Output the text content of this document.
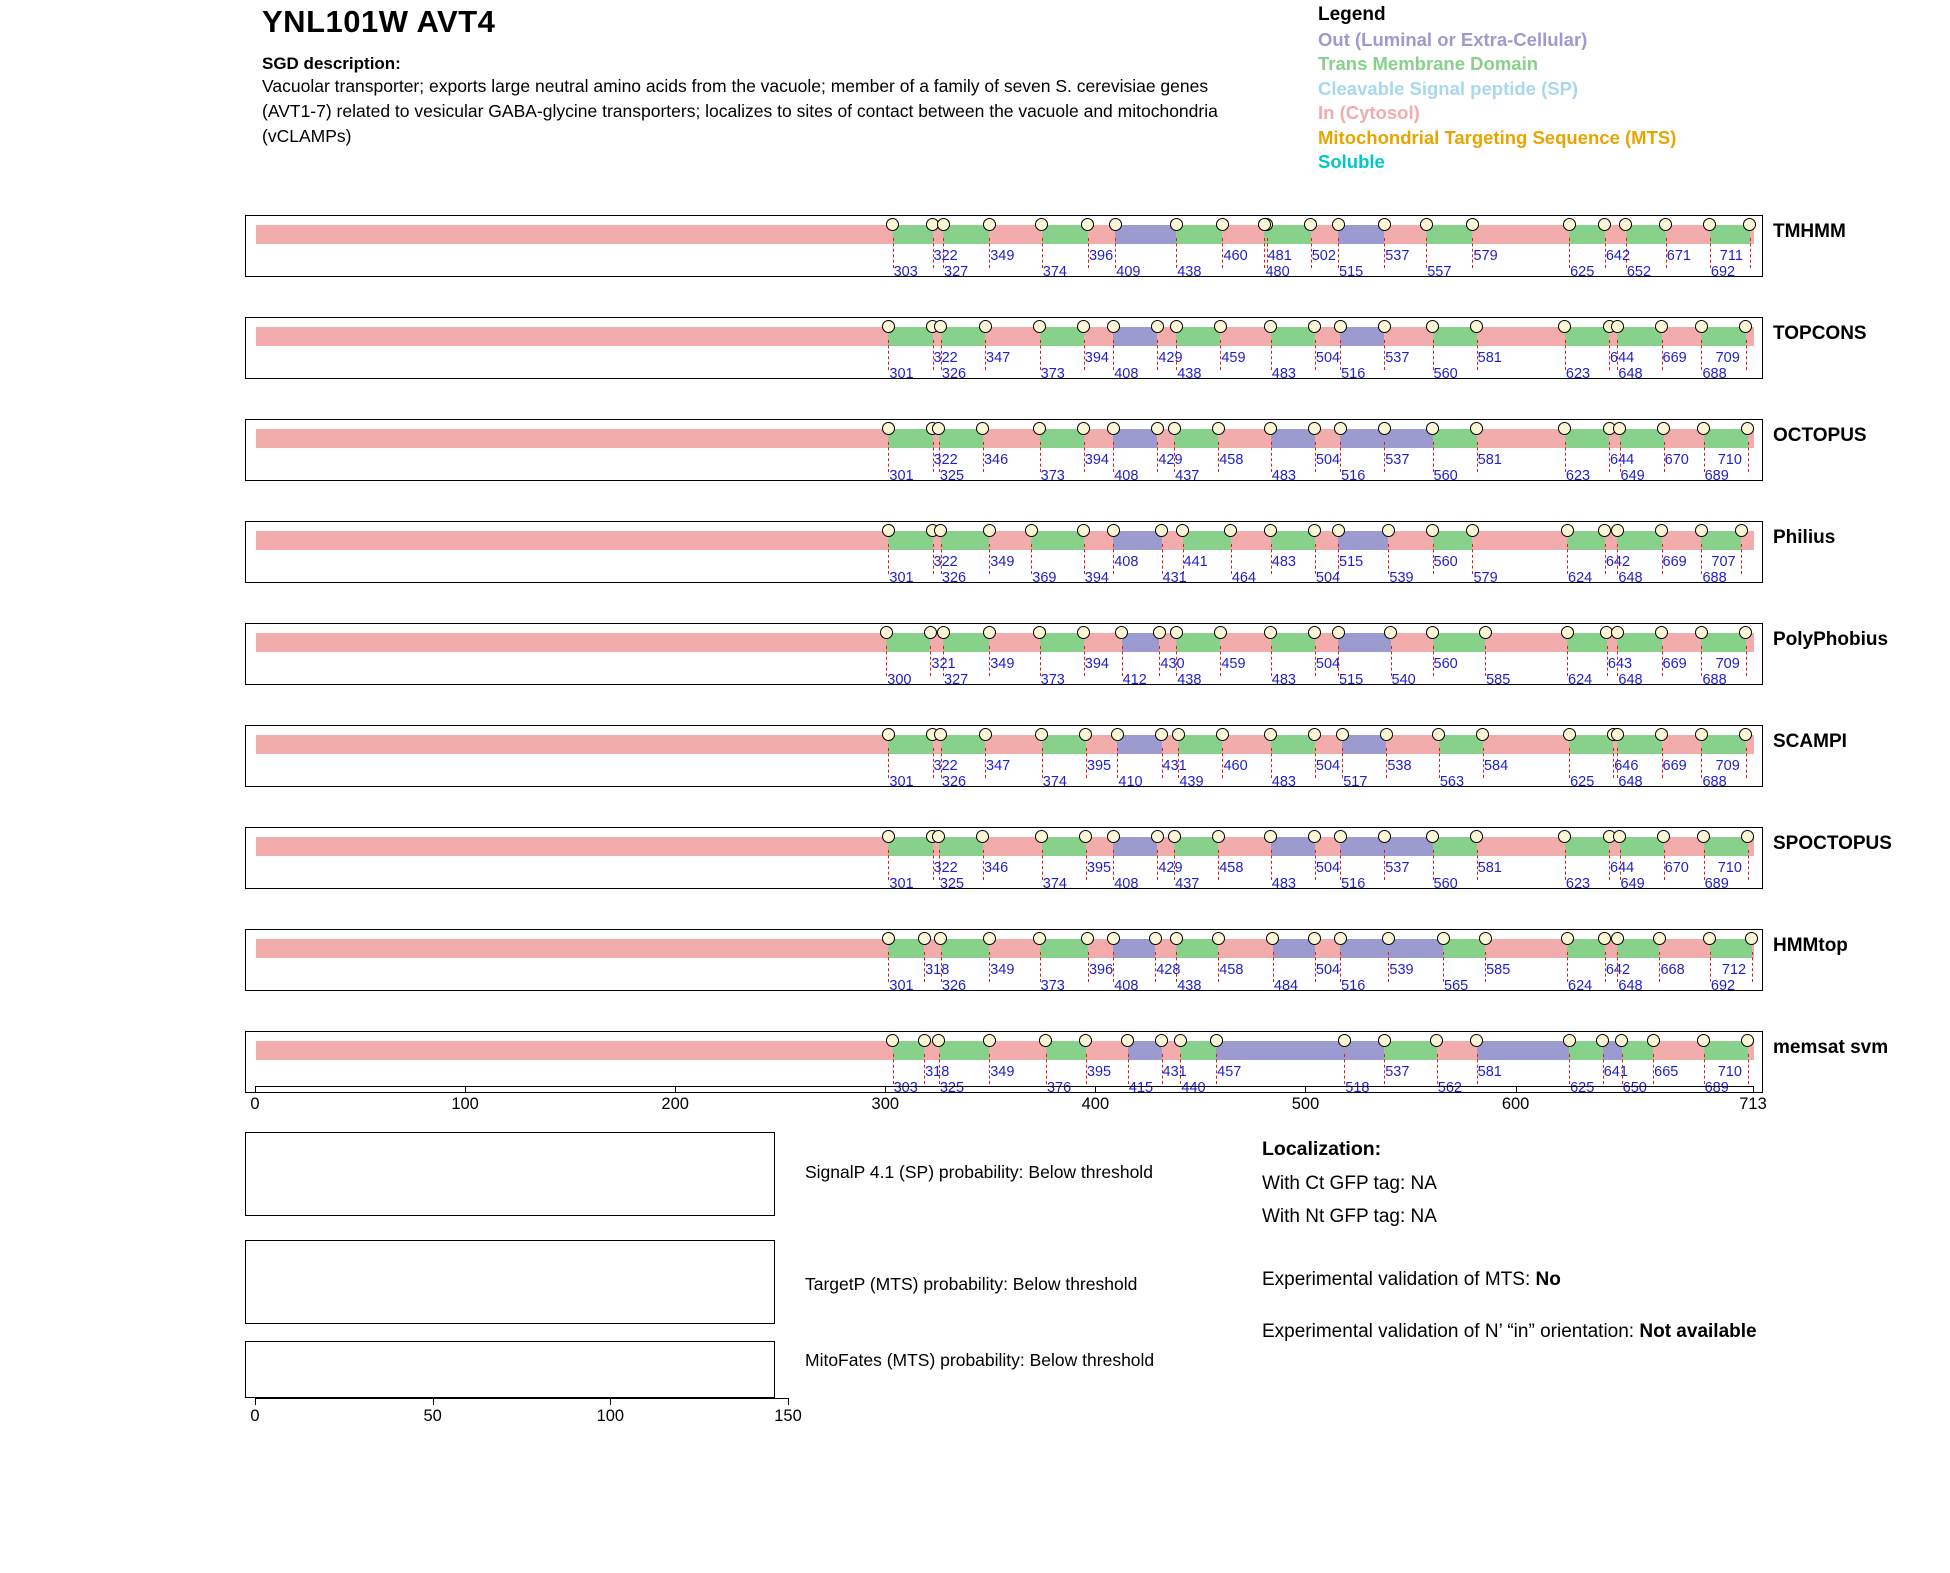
YNL101W AVT4
SGD description:
Vacuolar transporter; exports large neutral amino acids from the vacuole; member of a family of seven S. cerevisiae genes (AVT1-7) related to vesicular GABA-glycine transporters; localizes to sites of contact between the vacuole and mitochondria (vCLAMPs)
Legend
Out (Luminal or Extra-Cellular)
Trans Membrane Domain
Cleavable Signal peptide (SP)
In (Cytosol)
Mitochondrial Targeting Sequence (MTS)
Soluble
303
322
327
349
374
396
409	438
460
480
481 502
515
537
557
579
625
642
652
671
692
711
TMHMM
301
322
326
347
373
394
408
429
438
459
483
504
516
537
560
581
623
644
648
669
688
709
TOPCONS
301
322
325
346
373
394
408
429
437
458
483
504
516
537
560
581
623
644
649
670
689
710
OCTOPUS
301
322
326
349
369 394
408
431
441
464
483
504
515
539
560
579	624
642
648
669
688
707
Philius
300
321
327
349
373
394
412
430
438
459
483
504
515 540
560
585	624
643
648
669
688
709
PolyPhobius
301
322
326
347
374
395
410
431
439
460
483
504
517
538
563
584
625
646
648
669
688
709
SCAMPI
301
322
325
346
374
395
408
429
437
458
483
504
516
537
560
581
623
644
649
670
689
710
SPOCTOPUS
301
318
326
349
373
396
408
428
438
458
484
504
516
539
565
585
624
642
648
668
692
712
HMMtop
303
318
325
349
376
395
415
431
440
457
518
537
562
581
625
641
650
665
689
710
memsat svm
0	100	200	300	400	500	600	713
SignalP 4.1 (SP) probability: Below threshold
TargetP (MTS) probability: Below threshold
MitoFates (MTS) probability: Below threshold
0	50	100	150
Localization:
With Ct GFP tag: NA
With Nt GFP tag: NA
Experimental validation of MTS: No
Experimental validation of N’ “in” orientation: Not available
